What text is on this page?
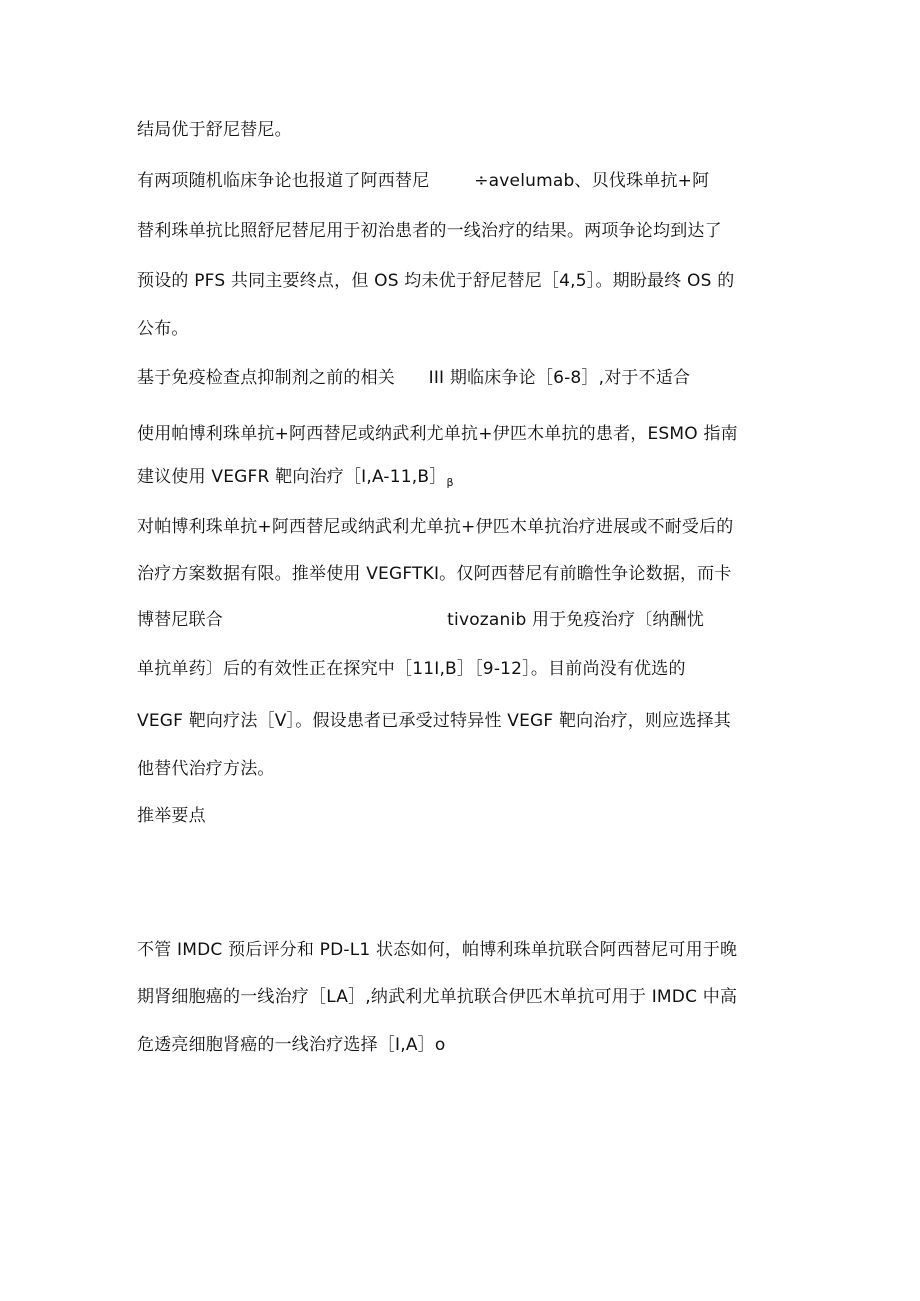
结局优于舒尼替尼。
有两项随机临床争论也报道了阿西替尼        ÷avelumab、贝伐珠单抗+阿
替利珠单抗比照舒尼替尼用于初治患者的一线治疗的结果。两项争论均到达了
预设的 PFS 共同主要终点，但 OS 均未优于舒尼替尼［4,5］。期盼最终 OS 的
公布。
基于免疫检查点抑制剂之前的相关      III 期临床争论［6-8］,对于不适合
使用帕博利珠单抗+阿西替尼或纳武利尤单抗+伊匹木单抗的患者，ESMO 指南
建议使用 VEGFR 靶向治疗$[I,A-11,B]_\beta$
对帕博利珠单抗+阿西替尼或纳武利尤单抗+伊匹木单抗治疗进展或不耐受后的
治疗方案数据有限。推举使用 VEGFTKI。仅阿西替尼有前瞻性争论数据，而卡
博替尼联合                                        tivozanib 用于免疫治疗〔纳酬忧
单抗单药〕后的有效性正在探究中［11I,B］［9-12］。目前尚没有优选的
VEGF 靶向疗法［V］。假设患者已承受过特异性 VEGF 靶向治疗，则应选择其
他替代治疗方法。
推举要点
不管 IMDC 预后评分和 PD-L1 状态如何，帕博利珠单抗联合阿西替尼可用于晚
期肾细胞癌的一线治疗［LA］,纳武利尤单抗联合伊匹木单抗可用于 IMDC 中高
危透亮细胞肾癌的一线治疗选择［I,A］o
